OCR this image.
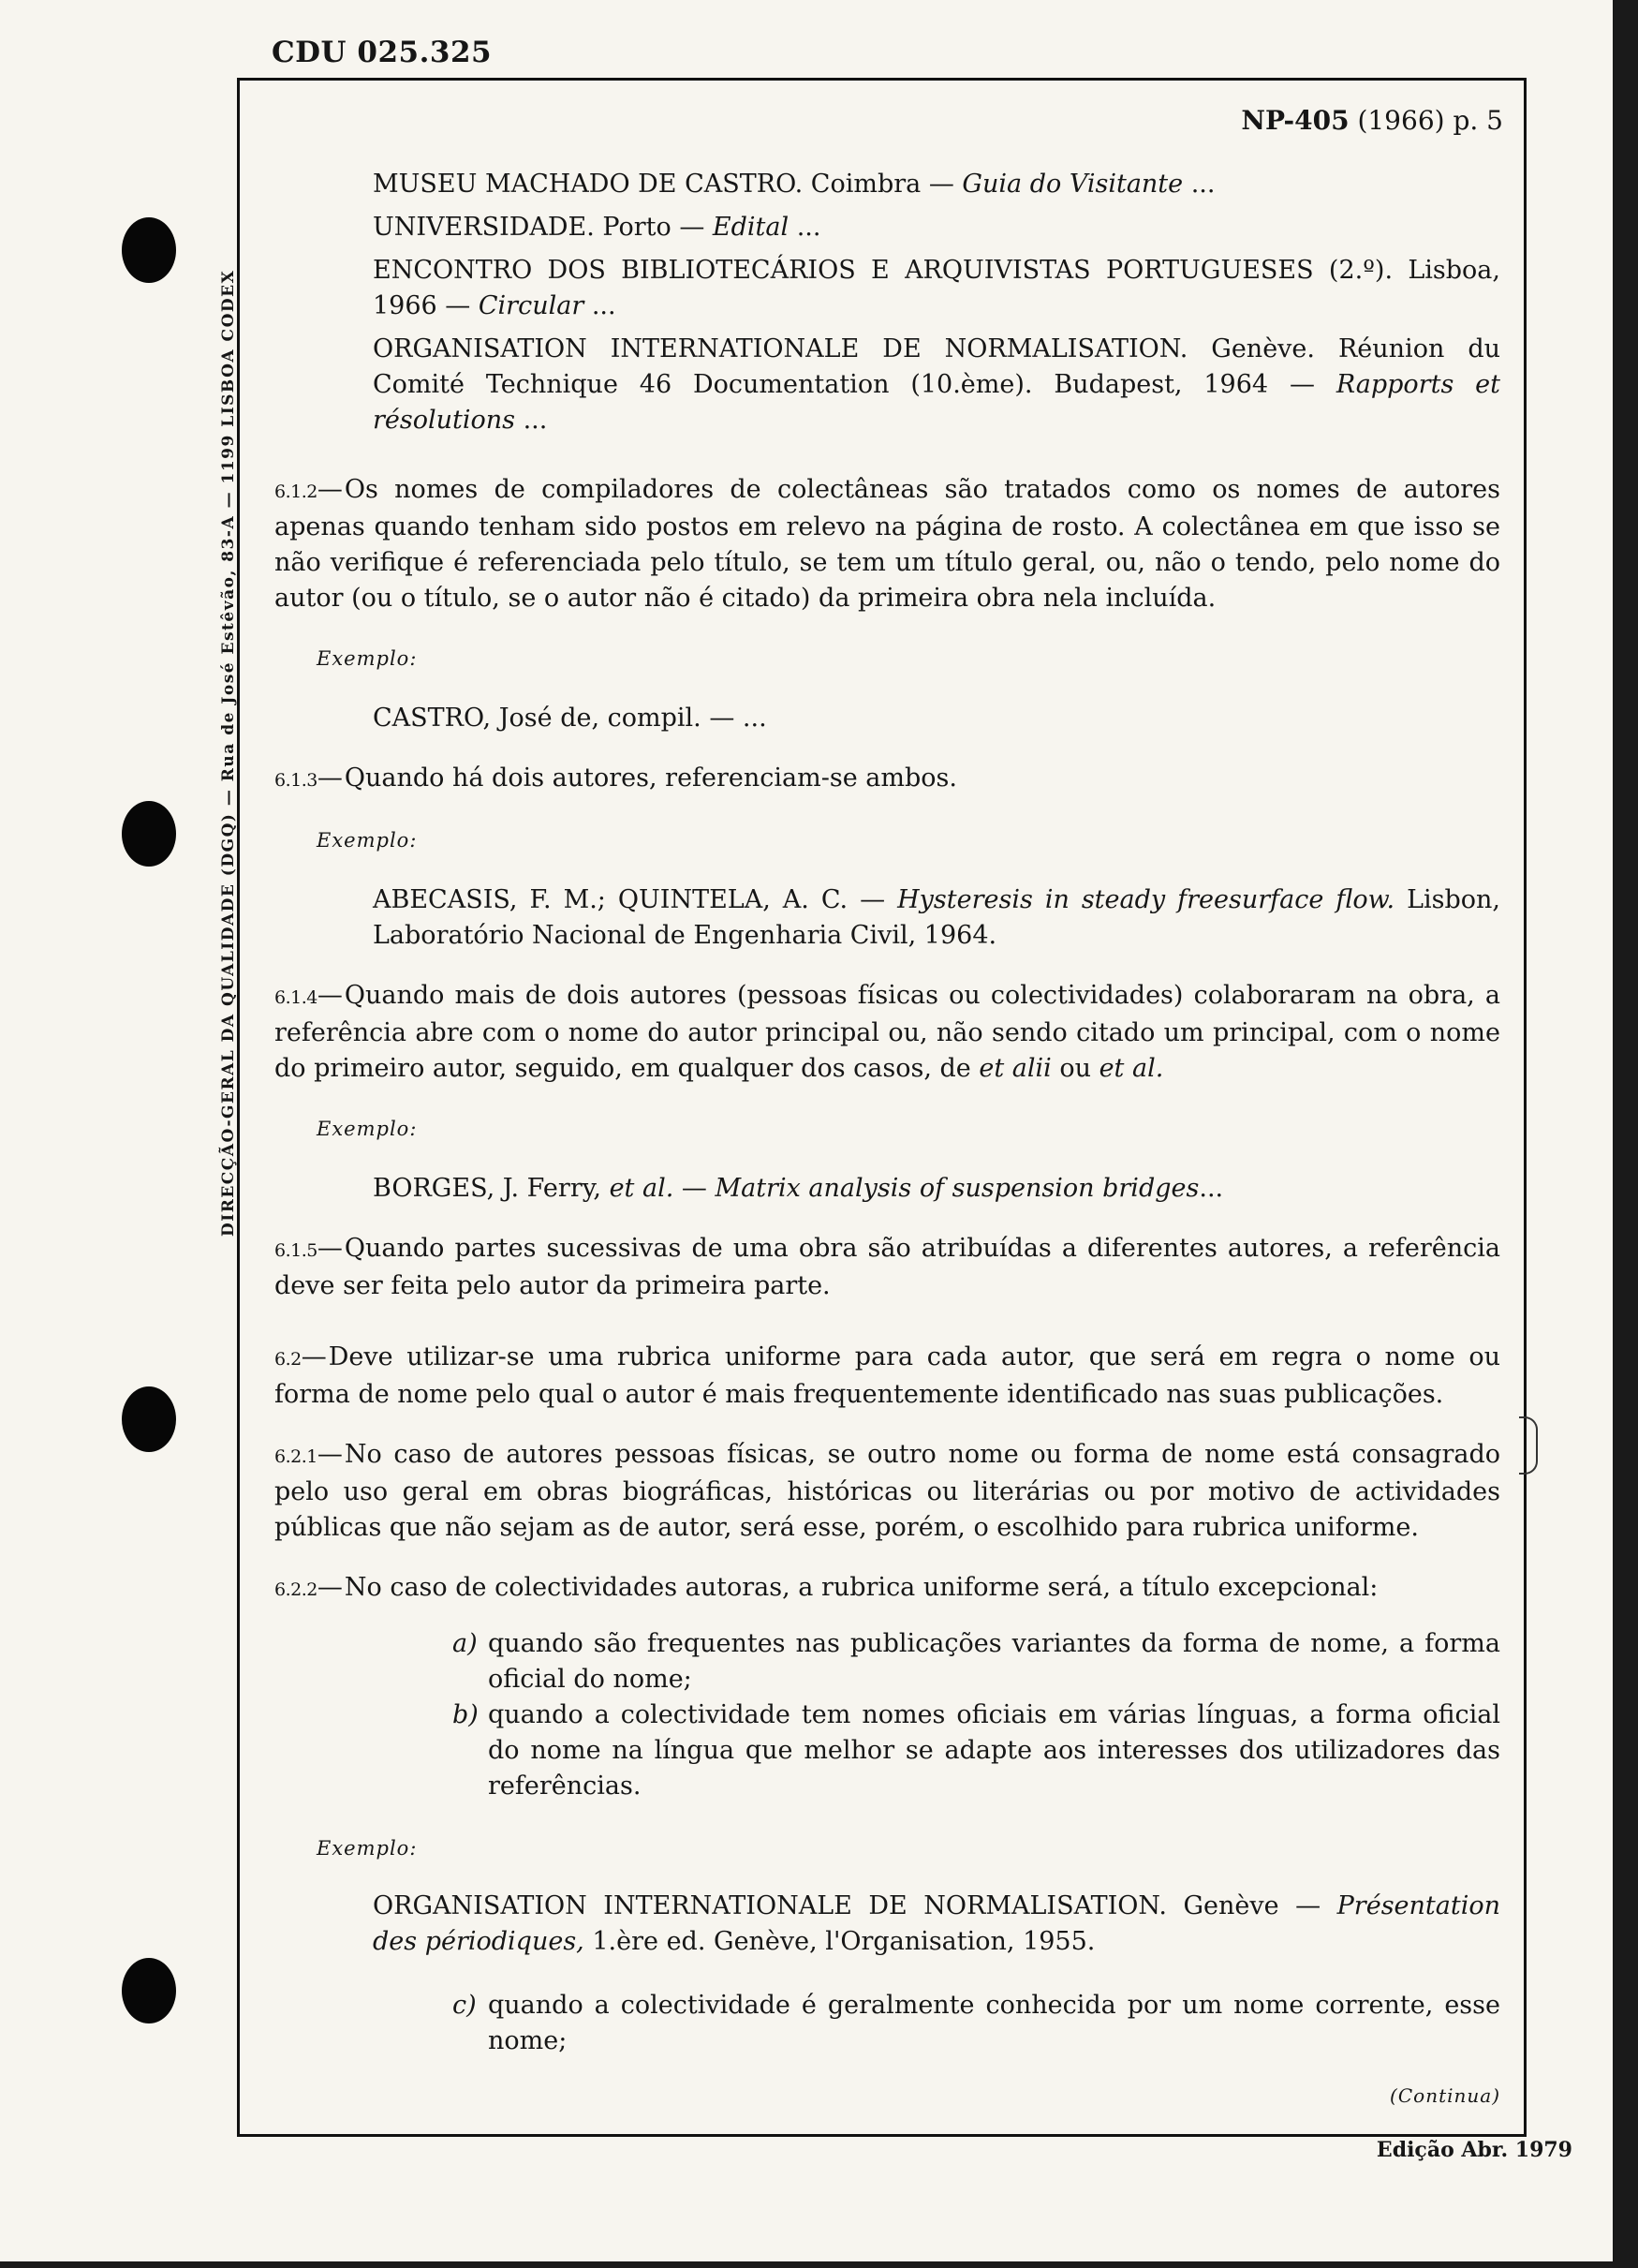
CDU 025.325
DIRECÇÃO-GERAL DA QUALIDADE (DGQ) — Rua de José Estêvão, 83-A — 1199 LISBOA CODEX
NP-405 (1966) p. 5

MUSEU MACHADO DE CASTRO. Coimbra — Guia do Visitante ...

UNIVERSIDADE. Porto — Edital ...

ENCONTRO DOS BIBLIOTECÁRIOS E ARQUIVISTAS PORTUGUESES (2.º). Lisboa, 1966 — Circular ...

ORGANISATION INTERNATIONALE DE NORMALISATION. Genève. Réunion du Comité Technique 46 Documentation (10.ème). Budapest, 1964 — Rapports et résolutions ...

6.1.2—Os nomes de compiladores de colectâneas são tratados como os nomes de autores apenas quando tenham sido postos em relevo na página de rosto. A colectânea em que isso se não verifique é referenciada pelo título, se tem um título geral, ou, não o tendo, pelo nome do autor (ou o título, se o autor não é citado) da primeira obra nela incluída.

Exemplo:

CASTRO, José de, compil. — ...

6.1.3—Quando há dois autores, referenciam-se ambos.

Exemplo:

ABECASIS, F. M.; QUINTELA, A. C. — Hysteresis in steady freesurface flow. Lisbon, Laboratório Nacional de Engenharia Civil, 1964.

6.1.4—Quando mais de dois autores (pessoas físicas ou colectividades) colaboraram na obra, a referência abre com o nome do autor principal ou, não sendo citado um principal, com o nome do primeiro autor, seguido, em qualquer dos casos, de et alii ou et al.

Exemplo:

BORGES, J. Ferry, et al. — Matrix analysis of suspension bridges...

6.1.5—Quando partes sucessivas de uma obra são atribuídas a diferentes autores, a referência deve ser feita pelo autor da primeira parte.

6.2—Deve utilizar-se uma rubrica uniforme para cada autor, que será em regra o nome ou forma de nome pelo qual o autor é mais frequentemente identificado nas suas publicações.

6.2.1—No caso de autores pessoas físicas, se outro nome ou forma de nome está consagrado pelo uso geral em obras biográficas, históricas ou literárias ou por motivo de actividades públicas que não sejam as de autor, será esse, porém, o escolhido para rubrica uniforme.

6.2.2—No caso de colectividades autoras, a rubrica uniforme será, a título excepcional:

a) quando são frequentes nas publicações variantes da forma de nome, a forma oficial do nome;
b) quando a colectividade tem nomes oficiais em várias línguas, a forma oficial do nome na língua que melhor se adapte aos interesses dos utilizadores das referências.

Exemplo:

ORGANISATION INTERNATIONALE DE NORMALISATION. Genève — Présentation des périodiques, 1.ère ed. Genève, l'Organisation, 1955.

c) quando a colectividade é geralmente conhecida por um nome corrente, esse nome;

(Continua)

Edição Abr. 1979
